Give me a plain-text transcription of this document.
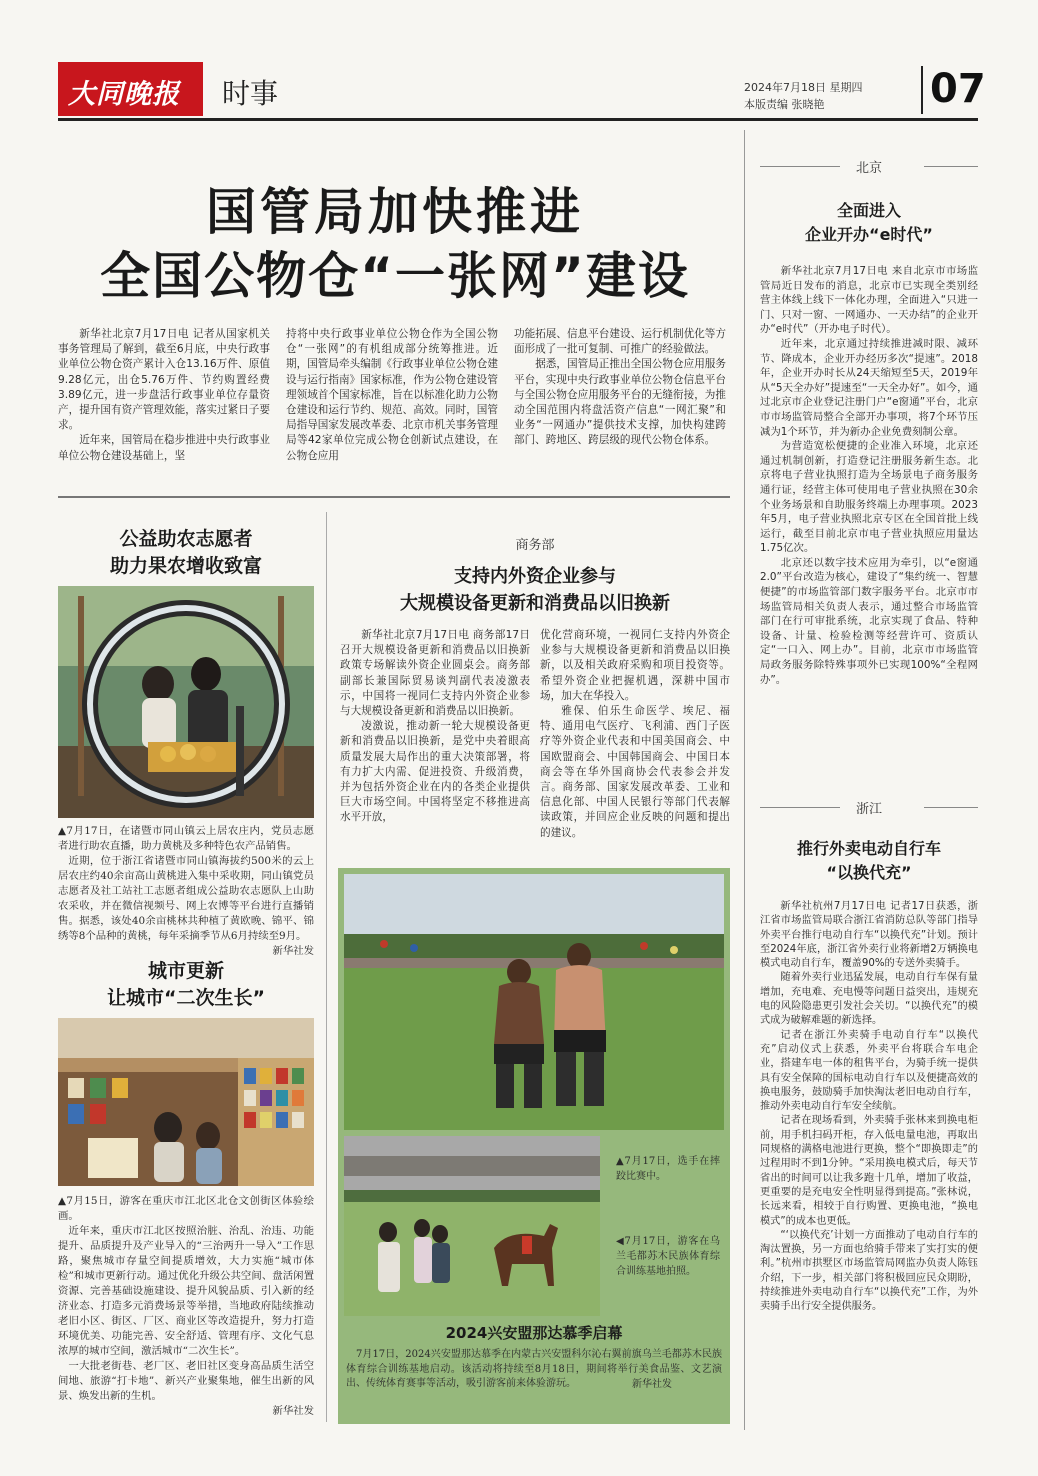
大同晚报 时事	2024年7月18日 星期四
本版责编 张晓艳	07
国管局加快推进
全国公物仓“一张网”建设

新华社北京7月17日电 记者从国家机关事务管理局了解到，截至6月底，中央行政事业单位公物仓资产累计入仓13.16万件、原值9.28亿元，出仓5.76万件、节约购置经费3.89亿元，进一步盘活行政事业单位存量资产，提升国有资产管理效能，落实过紧日子要求。

近年来，国管局在稳步推进中央行政事业单位公物仓建设基础上，坚

持将中央行政事业单位公物仓作为全国公物仓“一张网”的有机组成部分统筹推进。近期，国管局牵头编制《行政事业单位公物仓建设与运行指南》国家标准，作为公物仓建设管理领域首个国家标准，旨在以标准化助力公物仓建设和运行节约、规范、高效。同时，国管局指导国家发展改革委、北京市机关事务管理局等42家单位完成公物仓创新试点建设，在公物仓应用

功能拓展、信息平台建设、运行机制优化等方面形成了一批可复制、可推广的经验做法。

据悉，国管局正推出全国公物仓应用服务平台，实现中央行政事业单位公物仓信息平台与全国公物仓应用服务平台的无缝衔接，为推动全国范围内将盘活资产信息“一网汇聚”和业务“一网通办”提供技术支撑，加快构建跨部门、跨地区、跨层级的现代公物仓体系。

公益助农志愿者
助力果农增收致富

▲7月17日，在诸暨市同山镇云上居农庄内，党员志愿者进行助农直播，助力黄桃及多种特色农产品销售。

近期，位于浙江省诸暨市同山镇海拔约500米的云上居农庄约40余亩高山黄桃进入集中采收期，同山镇党员志愿者及社工站社工志愿者组成公益助农志愿队上山助农采收，并在微信视频号、网上农博等平台进行直播销售。据悉，该处40余亩桃林共种植了黄欧晚、锦平、锦绣等8个品种的黄桃，每年采摘季节从6月持续至9月。

新华社发
城市更新
让城市“二次生长”

▲7月15日，游客在重庆市江北区北仓文创街区体验绘画。

近年来，重庆市江北区按照治脏、治乱、治违、功能提升、品质提升及产业导入的“三治两升一导入”工作思路，聚焦城市存量空间提质增效，大力实施“城市体检”和城市更新行动。通过优化升级公共空间、盘活闲置资源、完善基础设施建设、提升风貌品质、引入新的经济业态、打造多元消费场景等举措，当地政府陆续推动老旧小区、街区、厂区、商业区等改造提升，努力打造环境优美、功能完善、安全舒适、管理有序、文化气息浓厚的城市空间，激活城市“二次生长”。

一大批老街巷、老厂区、老旧社区变身高品质生活空间地、旅游“打卡地”、新兴产业聚集地，催生出新的风景、焕发出新的生机。

新华社发
商务部
支持内外资企业参与
大规模设备更新和消费品以旧换新

新华社北京7月17日电 商务部17日召开大规模设备更新和消费品以旧换新政策专场解读外资企业圆桌会。商务部副部长兼国际贸易谈判副代表凌激表示，中国将一视同仁支持内外资企业参与大规模设备更新和消费品以旧换新。

凌激说，推动新一轮大规模设备更新和消费品以旧换新，是党中央着眼高质量发展大局作出的重大决策部署，将有力扩大内需、促进投资、升级消费，并为包括外资企业在内的各类企业提供巨大市场空间。中国将坚定不移推进高水平开放，

优化营商环境，一视同仁支持内外资企业参与大规模设备更新和消费品以旧换新，以及相关政府采购和项目投资等。希望外资企业把握机遇，深耕中国市场，加大在华投入。

雅保、伯乐生命医学、埃尼、福特、通用电气医疗、飞利浦、西门子医疗等外资企业代表和中国美国商会、中国欧盟商会、中国韩国商会、中国日本商会等在华外国商协会代表参会并发言。商务部、国家发展改革委、工业和信息化部、中国人民银行等部门代表解读政策，并回应企业反映的问题和提出的建议。

▲7月17日，选手在摔跤比赛中。
◀7月17日，游客在乌兰毛都苏木民族体育综合训练基地拍照。
2024兴安盟那达慕季启幕

7月17日，2024兴安盟那达慕季在内蒙古兴安盟科尔沁右翼前旗乌兰毛都苏木民族体育综合训练基地启动。该活动将持续至8月18日，期间将举行美食品鉴、文艺演出、传统体育赛事等活动，吸引游客前来体验游玩。	新华社发
北京
全面进入
企业开办“e时代”

新华社北京7月17日电 来自北京市市场监管局近日发布的消息，北京市已实现全类别经营主体线上线下一体化办理，全面进入“只进一门、只对一窗、一网通办、一天办结”的企业开办“e时代”（开办电子时代）。

近年来，北京通过持续推进减时限、减环节、降成本，企业开办经历多次“提速”。2018年，企业开办时长从24天缩短至5天，2019年从“5天全办好”提速至“一天全办好”。如今，通过北京市企业登记注册门户“e窗通”平台，北京市市场监管局整合全部开办事项，将7个环节压减为1个环节，并为新办企业免费刻制公章。

为营造宽松便捷的企业准入环境，北京还通过机制创新，打造登记注册服务新生态。北京将电子营业执照打造为全场景电子商务服务通行证，经营主体可使用电子营业执照在30余个业务场景和自助服务终端上办理事项。2023年5月，电子营业执照北京专区在全国首批上线运行，截至目前北京市电子营业执照应用量达1.75亿次。

北京还以数字技术应用为牵引，以“e窗通2.0”平台改造为核心，建设了“集约统一、智慧便捷”的市场监管部门数字服务平台。北京市市场监管局相关负责人表示，通过整合市场监管部门在行可审批系统，北京实现了食品、特种设备、计量、检验检测等经营许可、资质认定“一口入、网上办”。目前，北京市市场监管局政务服务除特殊事项外已实现100%“全程网办”。

浙江
推行外卖电动自行车
“以换代充”

新华社杭州7月17日电 记者17日获悉，浙江省市场监管局联合浙江省消防总队等部门指导外卖平台推行电动自行车“以换代充”计划。预计至2024年底，浙江省外卖行业将新增2万辆换电模式电动自行车，覆盖90%的专送外卖骑手。

随着外卖行业迅猛发展，电动自行车保有量增加，充电难、充电慢等问题日益突出，违规充电的风险隐患更引发社会关切。“以换代充”的模式成为破解难题的新选择。

记者在浙江外卖骑手电动自行车“以换代充”启动仪式上获悉，外卖平台将联合车电企业，搭建车电一体的租售平台，为骑手统一提供具有安全保障的国标电动自行车以及便捷高效的换电服务，鼓励骑手加快淘汰老旧电动自行车，推动外卖电动自行车安全续航。

记者在现场看到，外卖骑手张林来到换电柜前，用手机扫码开柜，存入低电量电池，再取出同规格的满格电池进行更换，整个“即换即走”的过程用时不到1分钟。“采用换电模式后，每天节省出的时间可以让我多跑十几单，增加了收益，更重要的是充电安全性明显得到提高。”张林说，长远来看，相较于自行购置、更换电池，“换电模式”的成本也更低。

“‘以换代充’计划一方面推动了电动自行车的淘汰置换，另一方面也给骑手带来了实打实的便利。”杭州市拱墅区市场监管局网监办负责人陈钰介绍，下一步，相关部门将积极回应民众期盼，持续推进外卖电动自行车“以换代充”工作，为外卖骑手出行安全提供服务。
